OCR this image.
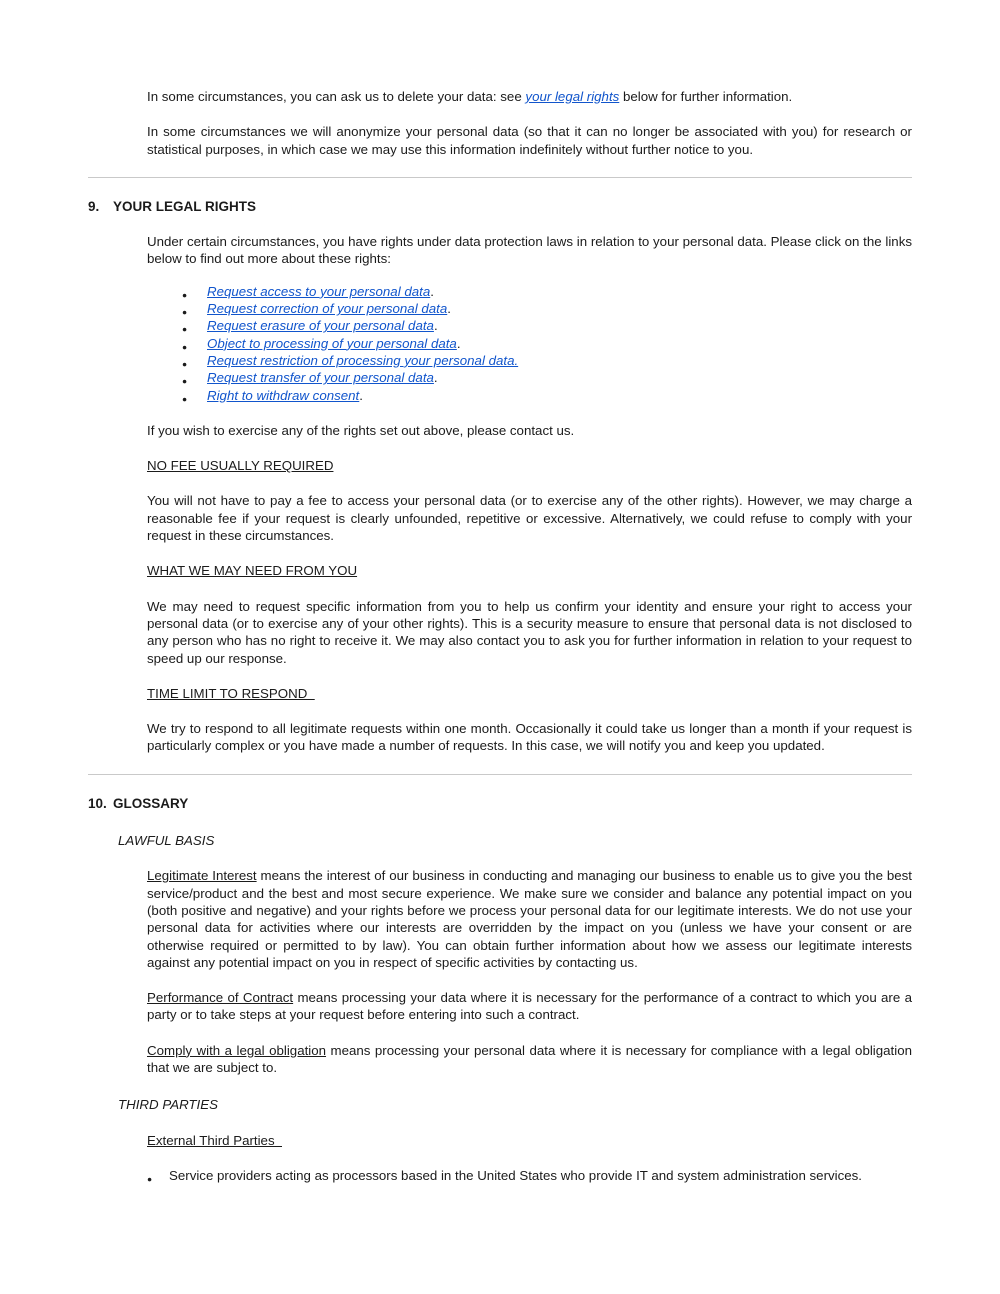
In some circumstances, you can ask us to delete your data: see your legal rights below for further information.

In some circumstances we will anonymize your personal data (so that it can no longer be associated with you) for research or statistical purposes, in which case we may use this information indefinitely without further notice to you.

9. YOUR LEGAL RIGHTS

Under certain circumstances, you have rights under data protection laws in relation to your personal data. Please click on the links below to find out more about these rights:

● Request access to your personal data.
● Request correction of your personal data.
● Request erasure of your personal data.
● Object to processing of your personal data.
● Request restriction of processing your personal data.
● Request transfer of your personal data.
● Right to withdraw consent.

If you wish to exercise any of the rights set out above, please contact us.

NO FEE USUALLY REQUIRED

You will not have to pay a fee to access your personal data (or to exercise any of the other rights). However, we may charge a reasonable fee if your request is clearly unfounded, repetitive or excessive. Alternatively, we could refuse to comply with your request in these circumstances.

WHAT WE MAY NEED FROM YOU

We may need to request specific information from you to help us confirm your identity and ensure your right to access your personal data (or to exercise any of your other rights). This is a security measure to ensure that personal data is not disclosed to any person who has no right to receive it. We may also contact you to ask you for further information in relation to your request to speed up our response.

TIME LIMIT TO RESPOND

We try to respond to all legitimate requests within one month. Occasionally it could take us longer than a month if your request is particularly complex or you have made a number of requests. In this case, we will notify you and keep you updated.

10. GLOSSARY
LAWFUL BASIS

Legitimate Interest means the interest of our business in conducting and managing our business to enable us to give you the best service/product and the best and most secure experience. We make sure we consider and balance any potential impact on you (both positive and negative) and your rights before we process your personal data for our legitimate interests. We do not use your personal data for activities where our interests are overridden by the impact on you (unless we have your consent or are otherwise required or permitted to by law). You can obtain further information about how we assess our legitimate interests against any potential impact on you in respect of specific activities by contacting us.

Performance of Contract means processing your data where it is necessary for the performance of a contract to which you are a party or to take steps at your request before entering into such a contract.

Comply with a legal obligation means processing your personal data where it is necessary for compliance with a legal obligation that we are subject to.

THIRD PARTIES

External Third Parties

● Service providers acting as processors based in the United States who provide IT and system administration services.
